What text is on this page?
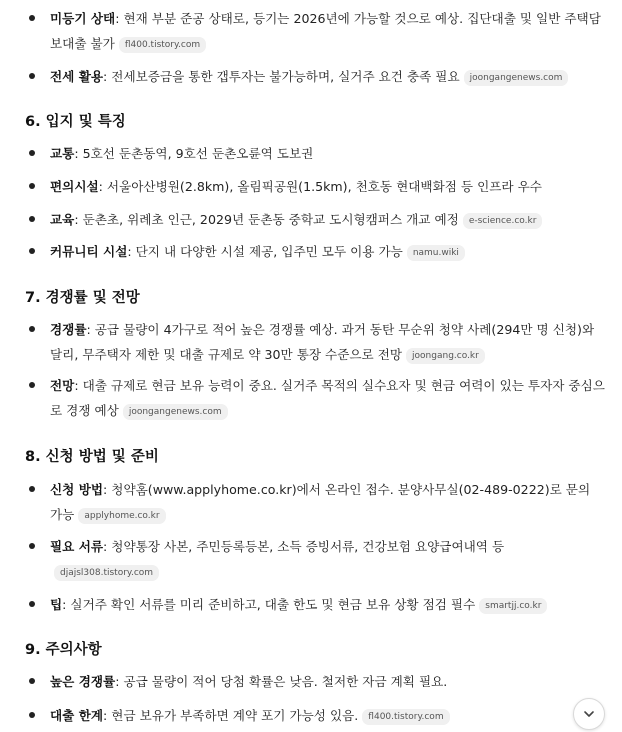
미등기 상태: 현재 부분 준공 상태로, 등기는 2026년에 가능할 것으로 예상. 집단대출 및 일반 주택담보대출 불가 fl400.tistory.com
전세 활용: 전세보증금을 통한 갭투자는 불가능하며, 실거주 요건 충족 필요 joongangenews.com
6. 입지 및 특징
교통: 5호선 둔촌동역, 9호선 둔촌오륜역 도보권
편의시설: 서울아산병원(2.8km), 올림픽공원(1.5km), 천호동 현대백화점 등 인프라 우수
교육: 둔촌초, 위례초 인근, 2029년 둔촌동 중학교 도시형캠퍼스 개교 예정 e-science.co.kr
커뮤니티 시설: 단지 내 다양한 시설 제공, 입주민 모두 이용 가능 namu.wiki
7. 경쟁률 및 전망
경쟁률: 공급 물량이 4가구로 적어 높은 경쟁률 예상. 과거 동탄 무순위 청약 사례(294만 명 신청)와 달리, 무주택자 제한 및 대출 규제로 약 30만 통장 수준으로 전망 joongang.co.kr
전망: 대출 규제로 현금 보유 능력이 중요. 실거주 목적의 실수요자 및 현금 여력이 있는 투자자 중심으로 경쟁 예상 joongangenews.com
8. 신청 방법 및 준비
신청 방법: 청약홈(www.applyhome.co.kr)에서 온라인 접수. 분양사무실(02-489-0222)로 문의 가능 applyhome.co.kr
필요 서류: 청약통장 사본, 주민등록등본, 소득 증빙서류, 건강보험 요양급여내역 등djajsl308.tistory.com
팁: 실거주 확인 서류를 미리 준비하고, 대출 한도 및 현금 보유 상황 점검 필수 smartjj.co.kr
9. 주의사항
높은 경쟁률: 공급 물량이 적어 당첨 확률은 낮음. 철저한 자금 계획 필요.
대출 한계: 현금 보유가 부족하면 계약 포기 가능성 있음. fl400.tistory.com
